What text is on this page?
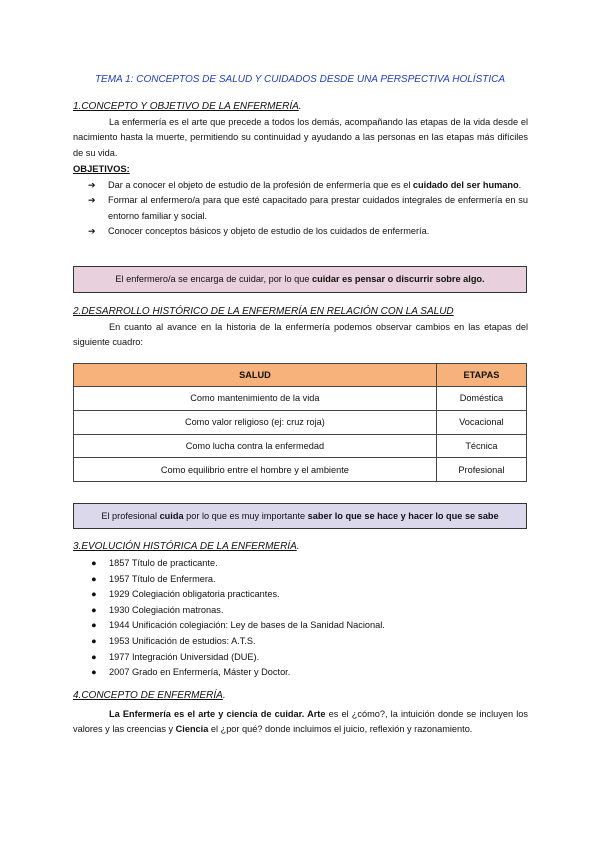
TEMA 1: CONCEPTOS DE SALUD Y CUIDADOS DESDE UNA PERSPECTIVA HOLÍSTICA
1.CONCEPTO Y OBJETIVO DE LA ENFERMERÍA.
La enfermería es el arte que precede a todos los demás, acompañando las etapas de la vida desde el nacimiento hasta la muerte, permitiendo su continuidad y ayudando a las personas en las etapas más difíciles de su vida.
OBJETIVOS:
➔ Dar a conocer el objeto de estudio de la profesión de enfermería que es el cuidado del ser humano.
➔ Formar al enfermero/a para que esté capacitado para prestar cuidados integrales de enfermería en su entorno familiar y social.
➔ Conocer conceptos básicos y objeto de estudio de los cuidados de enfermería.
El enfermero/a se encarga de cuidar, por lo que cuidar es pensar o discurrir sobre algo.
2.DESARROLLO HISTÓRICO DE LA ENFERMERÍA EN RELACIÓN CON LA SALUD
En cuanto al avance en la historia de la enfermería podemos observar cambios en las etapas del siguiente cuadro:
SALUD	ETAPAS
Como mantenimiento de la vida	Doméstica
Como valor religioso (ej: cruz roja)	Vocacional
Como lucha contra la enfermedad	Técnica
Como equilibrio entre el hombre y el ambiente	Profesional
El profesional cuida por lo que es muy importante saber lo que se hace y hacer lo que se sabe
3.EVOLUCIÓN HISTÓRICA DE LA ENFERMERÍA.
● 1857 Título de practicante.
● 1957 Título de Enfermera.
● 1929 Colegiación obligatoria practicantes.
● 1930 Colegiación matronas.
● 1944 Unificación colegiación: Ley de bases de la Sanidad Nacional.
● 1953 Unificación de estudios: A.T.S.
● 1977 Integración Universidad (DUE).
● 2007 Grado en Enfermería, Máster y Doctor.
4.CONCEPTO DE ENFERMERÍA.
La Enfermería es el arte y ciencia de cuidar. Arte es el ¿cómo?, la intuición donde se incluyen los valores y las creencias y Ciencia el ¿por qué? donde incluimos el juicio, reflexión y razonamiento.
